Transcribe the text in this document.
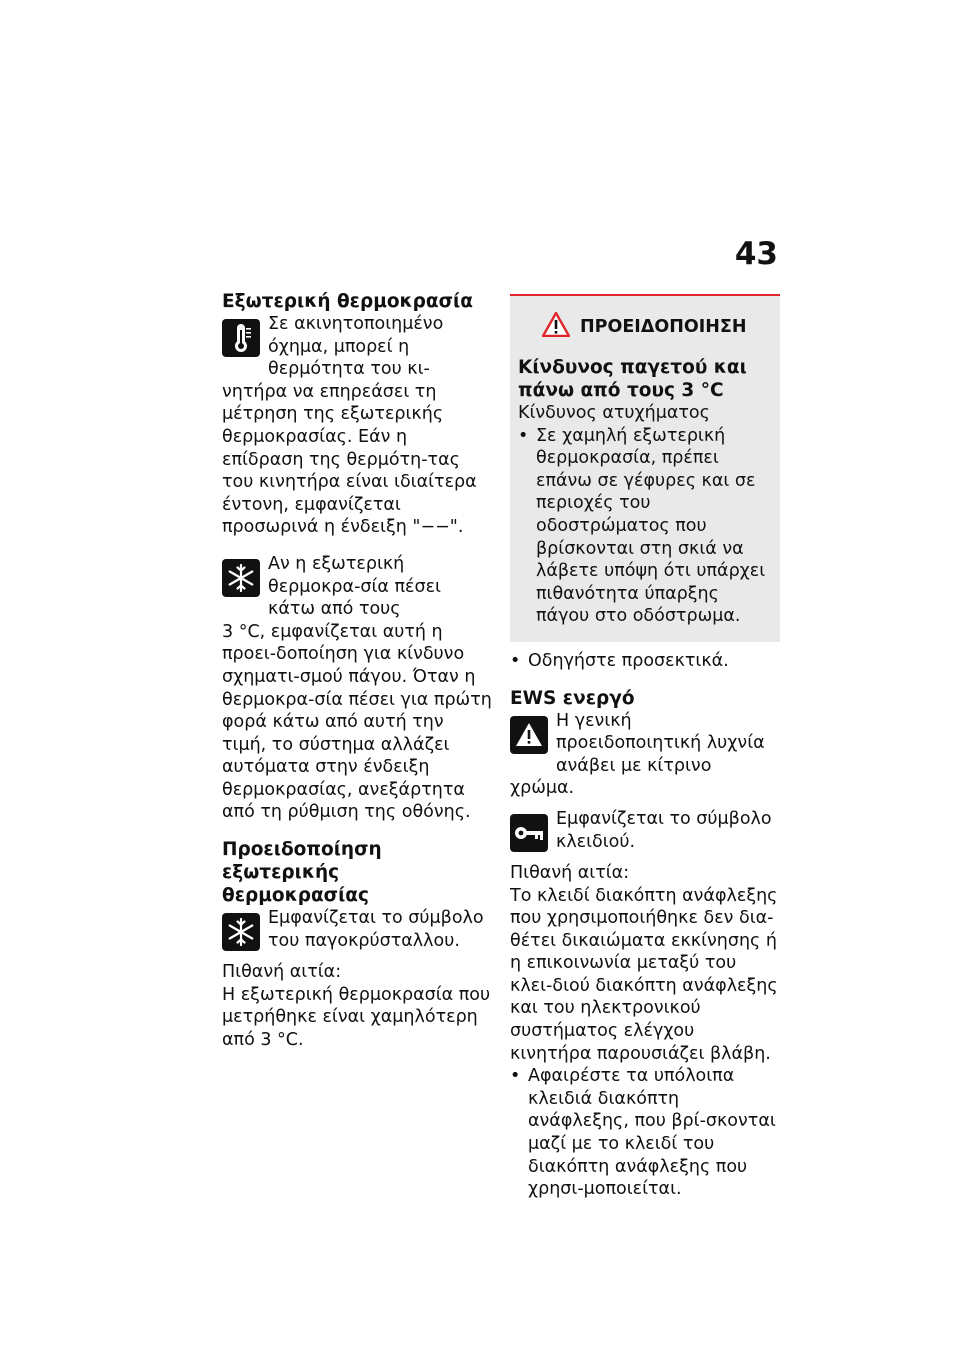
43

Εξωτερική θερμοκρασία

Σε ακινητοποιημένο όχημα, μπορεί η θερμότητα του κι-

νητήρα να επηρεάσει τη μέτρηση της εξωτερικής θερμοκρασίας. Εάν η επίδραση της θερμότη-τας του κινητήρα είναι ιδιαίτερα έντονη, εμφανίζεται προσωρινά η ένδειξη "−−".

Αν η εξωτερική θερμοκρα-σία πέσει κάτω από τους

3 °C, εμφανίζεται αυτή η προει-δοποίηση για κίνδυνο σχηματι-σμού πάγου. Όταν η θερμοκρα-σία πέσει για πρώτη φορά κάτω από αυτή την τιμή, το σύστημα αλλάζει αυτόματα στην ένδειξη θερμοκρασίας, ανεξάρτητα από τη ρύθμιση της οθόνης.

Προειδοποίηση εξωτερικής θερμοκρασίας

Εμφανίζεται το σύμβολο του παγοκρύσταλλου.

Πιθανή αιτία:

Η εξωτερική θερμοκρασία που μετρήθηκε είναι χαμηλότερη από 3 °C.

ΠΡΟΕΙΔΟΠΟΙΗΣΗ

Κίνδυνος παγετού και πάνω από τους 3 °C

Κίνδυνος ατυχήματος

• Σε χαμηλή εξωτερική θερμοκρασία, πρέπει επάνω σε γέφυρες και σε περιοχές του οδοστρώματος που βρίσκονται στη σκιά να λάβετε υπόψη ότι υπάρχει πιθανότητα ύπαρξης πάγου στο οδόστρωμα.
• Οδηγήστε προσεκτικά.

EWS ενεργό

Η γενική προειδοποιητική λυχνία ανάβει με κίτρινο

χρώμα.

Εμφανίζεται το σύμβολο κλειδιού.

Πιθανή αιτία:

Το κλειδί διακόπτη ανάφλεξης που χρησιμοποιήθηκε δεν δια-θέτει δικαιώματα εκκίνησης ή η επικοινωνία μεταξύ του κλει-διού διακόπτη ανάφλεξης και του ηλεκτρονικού συστήματος ελέγχου κινητήρα παρουσιάζει βλάβη.

• Αφαιρέστε τα υπόλοιπα κλειδιά διακόπτη ανάφλεξης, που βρί-σκονται μαζί με το κλειδί του διακόπτη ανάφλεξης που χρησι-μοποιείται.
